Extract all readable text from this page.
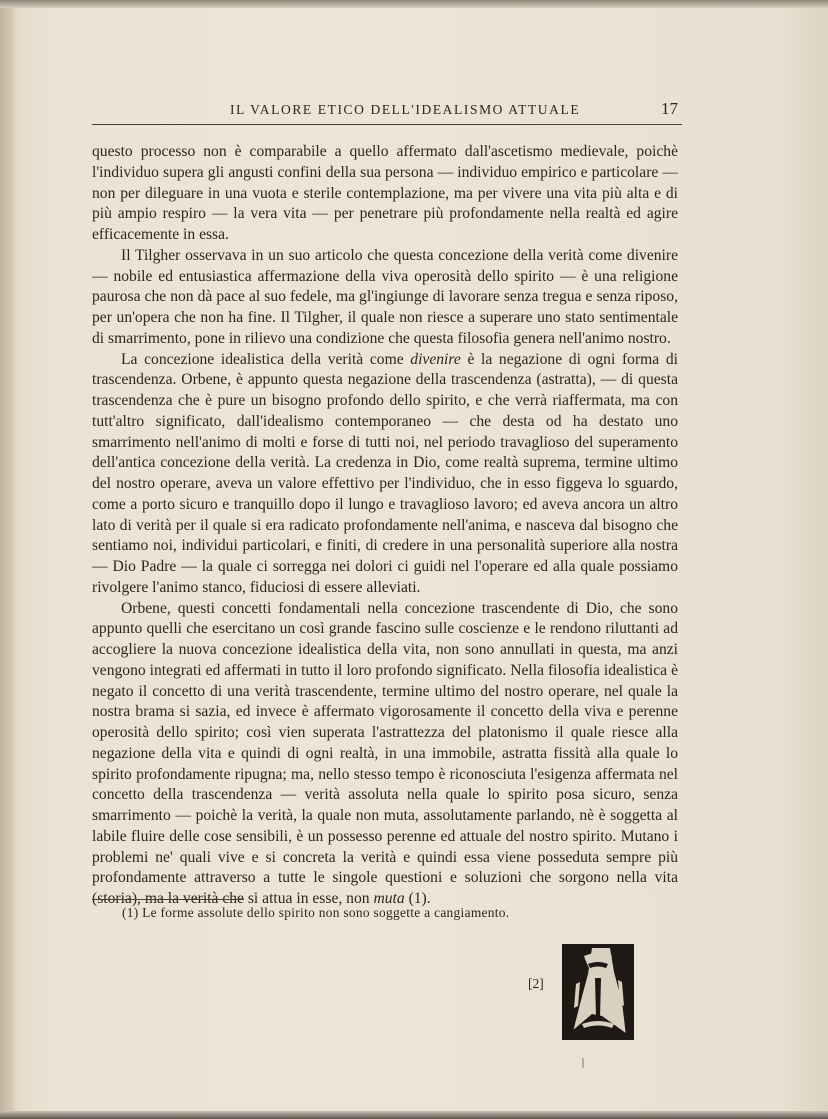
IL VALORE ETICO DELL'IDEALISMO ATTUALE	17

questo processo non è comparabile a quello affermato dall'ascetismo medievale, poichè l'individuo supera gli angusti confini della sua persona — individuo empirico e particolare — non per dileguare in una vuota e sterile contemplazione, ma per vivere una vita più alta e di più ampio respiro — la vera vita — per penetrare più profondamente nella realtà ed agire efficacemente in essa.

Il Tilgher osservava in un suo articolo che questa concezione della verità come divenire — nobile ed entusiastica affermazione della viva operosità dello spirito — è una religione paurosa che non dà pace al suo fedele, ma gl'ingiunge di lavorare senza tregua e senza riposo, per un'opera che non ha fine. Il Tilgher, il quale non riesce a superare uno stato sentimentale di smarrimento, pone in rilievo una condizione che questa filosofia genera nell'animo nostro.

La concezione idealistica della verità come divenire è la negazione di ogni forma di trascendenza. Orbene, è appunto questa negazione della trascendenza (astratta), — di questa trascendenza che è pure un bisogno profondo dello spirito, e che verrà riaffermata, ma con tutt'altro significato, dall'idealismo contemporaneo — che desta od ha destato uno smarrimento nell'animo di molti e forse di tutti noi, nel periodo travaglioso del superamento dell'antica concezione della verità. La credenza in Dio, come realtà suprema, termine ultimo del nostro operare, aveva un valore effettivo per l'individuo, che in esso figgeva lo sguardo, come a porto sicuro e tranquillo dopo il lungo e travaglioso lavoro; ed aveva ancora un altro lato di verità per il quale si era radicato profondamente nell'anima, e nasceva dal bisogno che sentiamo noi, individui particolari, e finiti, di credere in una personalità superiore alla nostra — Dio Padre — la quale ci sorregga nei dolori ci guidi nel l'operare ed alla quale possiamo rivolgere l'animo stanco, fiduciosi di essere alleviati.

Orbene, questi concetti fondamentali nella concezione trascendente di Dio, che sono appunto quelli che esercitano un così grande fascino sulle coscienze e le rendono riluttanti ad accogliere la nuova concezione idealistica della vita, non sono annullati in questa, ma anzi vengono integrati ed affermati in tutto il loro profondo significato. Nella filosofia idealistica è negato il concetto di una verità trascendente, termine ultimo del nostro operare, nel quale la nostra brama si sazia, ed invece è affermato vigorosamente il concetto della viva e perenne operosità dello spirito; così vien superata l'astrattezza del platonismo il quale riesce alla negazione della vita e quindi di ogni realtà, in una immobile, astratta fissità alla quale lo spirito profondamente ripugna; ma, nello stesso tempo è riconosciuta l'esigenza affermata nel concetto della trascendenza — verità assoluta nella quale lo spirito posa sicuro, senza smarrimento — poichè la verità, la quale non muta, assolutamente parlando, nè è soggetta al labile fluire delle cose sensibili, è un possesso perenne ed attuale del nostro spirito. Mutano i problemi ne' quali vive e si concreta la verità e quindi essa viene posseduta sempre più profondamente attraverso a tutte le singole questioni e soluzioni che sorgono nella vita (storia), ma la verità che si attua in esse, non muta (1).

(1) Le forme assolute dello spirito non sono soggette a cangiamento.
[2]
